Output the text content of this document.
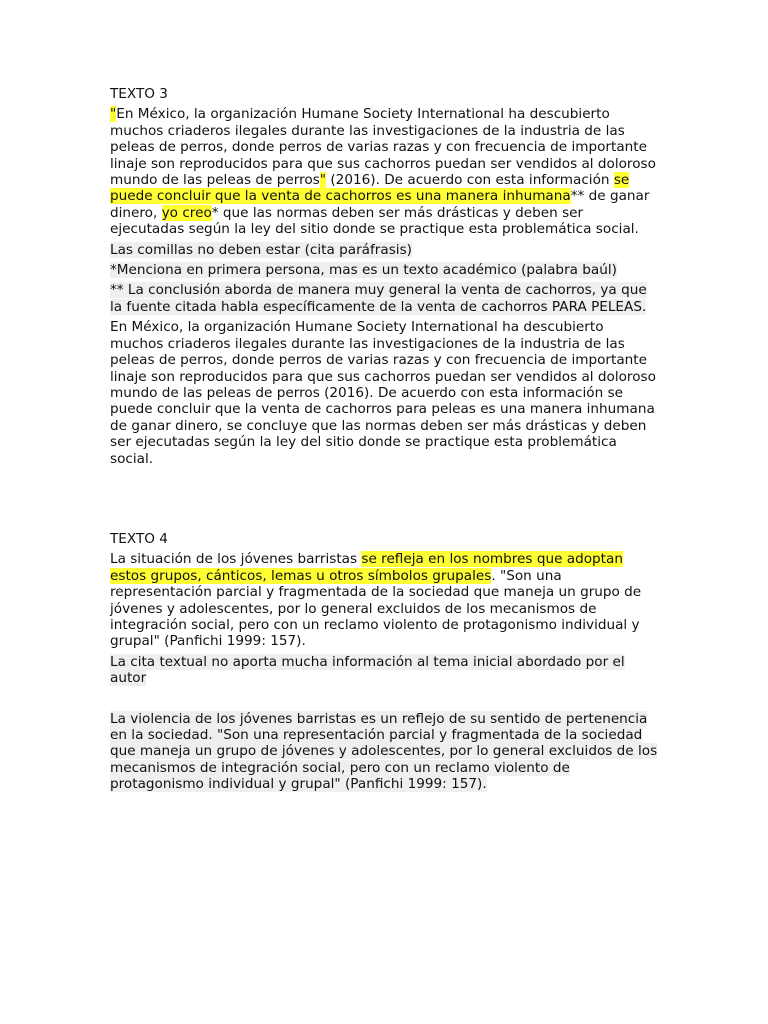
TEXTO 3

"En México, la organización Humane Society International ha descubierto muchos criaderos ilegales durante las investigaciones de la industria de las peleas de perros, donde perros de varias razas y con frecuencia de importante linaje son reproducidos para que sus cachorros puedan ser vendidos al doloroso mundo de las peleas de perros" (2016). De acuerdo con esta información se puede concluir que la venta de cachorros es una manera inhumana** de ganar dinero, yo creo* que las normas deben ser más drásticas y deben ser ejecutadas según la ley del sitio donde se practique esta problemática social.

Las comillas no deben estar (cita paráfrasis)

*Menciona en primera persona, mas es un texto académico (palabra baúl)

** La conclusión aborda de manera muy general la venta de cachorros, ya que la fuente citada habla específicamente de la venta de cachorros PARA PELEAS.

En México, la organización Humane Society International ha descubierto muchos criaderos ilegales durante las investigaciones de la industria de las peleas de perros, donde perros de varias razas y con frecuencia de importante linaje son reproducidos para que sus cachorros puedan ser vendidos al doloroso mundo de las peleas de perros (2016). De acuerdo con esta información se puede concluir que la venta de cachorros para peleas es una manera inhumana de ganar dinero, se concluye que las normas deben ser más drásticas y deben ser ejecutadas según la ley del sitio donde se practique esta problemática social.

TEXTO 4

La situación de los jóvenes barristas se refleja en los nombres que adoptan estos grupos, cánticos, lemas u otros símbolos grupales. "Son una representación parcial y fragmentada de la sociedad que maneja un grupo de jóvenes y adolescentes, por lo general excluidos de los mecanismos de integración social, pero con un reclamo violento de protagonismo individual y grupal" (Panfichi 1999: 157).

La cita textual no aporta mucha información al tema inicial abordado por el autor

La violencia de los jóvenes barristas es un reflejo de su sentido de pertenencia en la sociedad. "Son una representación parcial y fragmentada de la sociedad que maneja un grupo de jóvenes y adolescentes, por lo general excluidos de los mecanismos de integración social, pero con un reclamo violento de protagonismo individual y grupal" (Panfichi 1999: 157).
